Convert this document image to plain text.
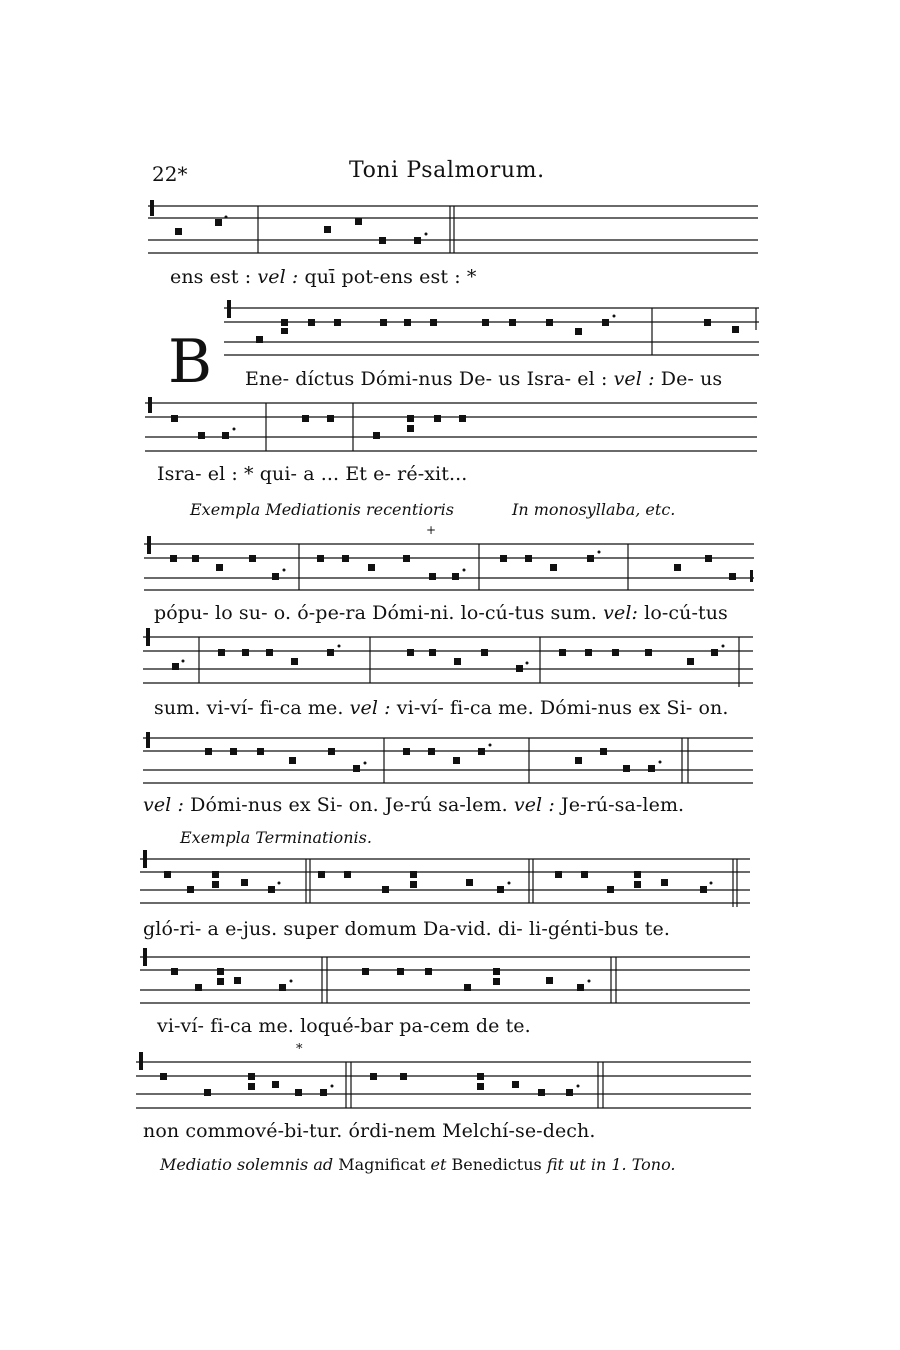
22*	Toni Psalmorum.
ens est : vel : quī pot-ens est : *
B Ene- díctus Dómi-nus De- us Isra- el : vel : De- us
Isra- el : * qui- a ... Et e- ré-xit...
Exempla Mediationis recentioris	In monosyllaba, etc.
+
pópu- lo su- o. ó-pe-ra Dómi-ni. lo-cú-tus sum. vel: lo-cú-tus
sum. vi-ví- fi-ca me. vel : vi-ví- fi-ca me. Dómi-nus ex Si- on.
vel : Dómi-nus ex Si- on. Je-rú sa-lem. vel : Je-rú-sa-lem.
Exempla Terminationis.
glό-ri- a e-jus. super domum Da-vid. di- li-génti-bus te.
vi-ví- fi-ca me. loqué-bar pa-cem de te.
*
non commové-bi-tur. órdi-nem Melchí-se-dech.
Mediatio solemnis ad Magnificat et Benedictus fit ut in 1. Tono.
